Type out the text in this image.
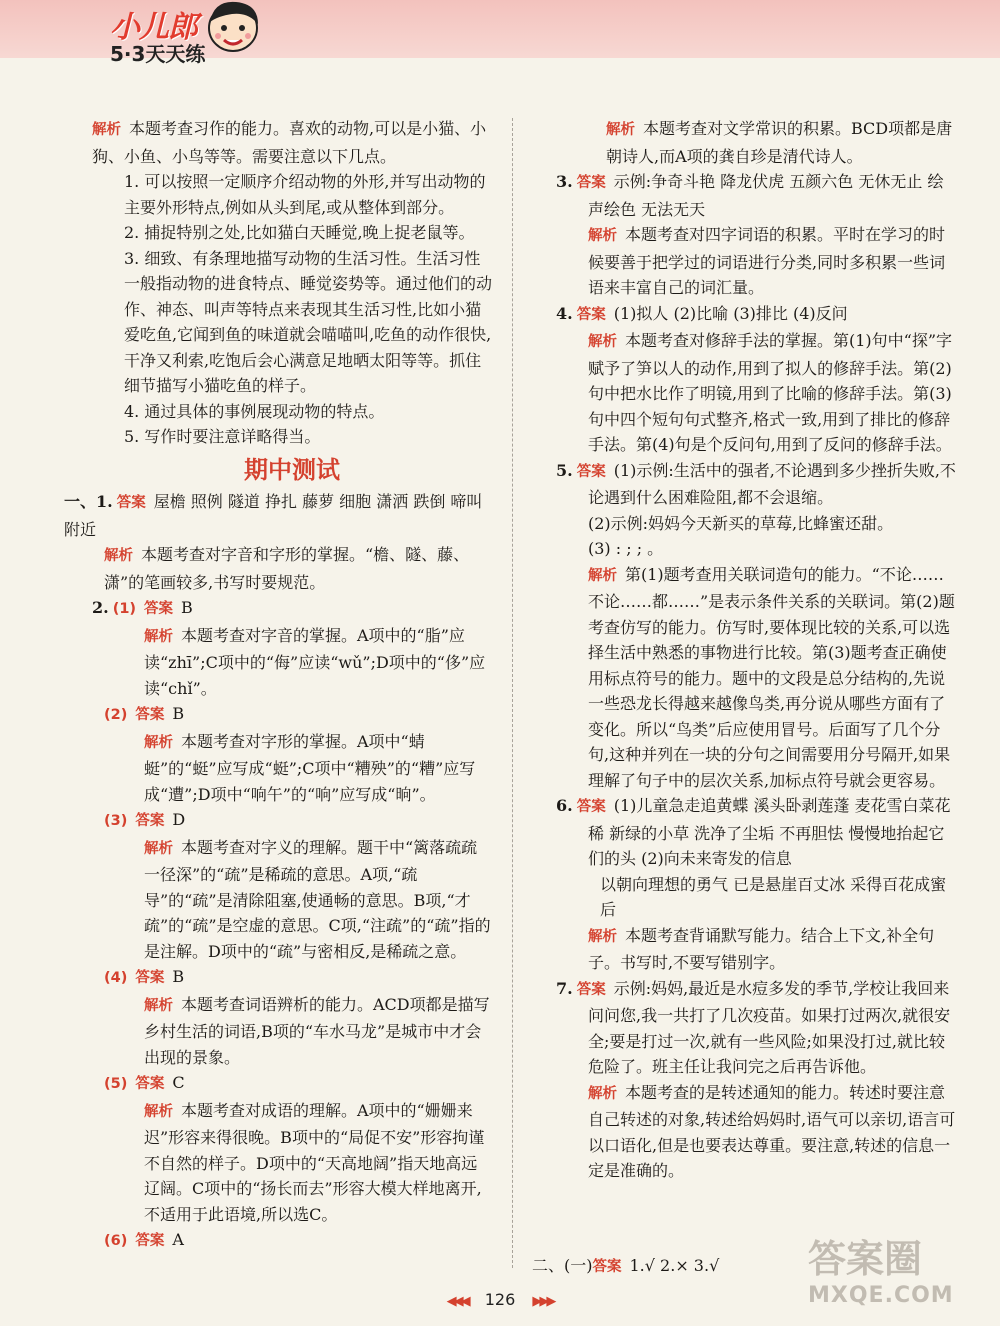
小儿郎
5·3天天练

解析 本题考查习作的能力。喜欢的动物,可以是小猫、小狗、小鱼、小鸟等等。需要注意以下几点。

1. 可以按照一定顺序介绍动物的外形,并写出动物的主要外形特点,例如从头到尾,或从整体到部分。

2. 捕捉特别之处,比如猫白天睡觉,晚上捉老鼠等。

3. 细致、有条理地描写动物的生活习性。生活习性一般指动物的进食特点、睡觉姿势等。通过他们的动作、神态、叫声等特点来表现其生活习性,比如小猫爱吃鱼,它闻到鱼的味道就会喵喵叫,吃鱼的动作很快,干净又利索,吃饱后会心满意足地晒太阳等等。抓住细节描写小猫吃鱼的样子。

4. 通过具体的事例展现动物的特点。

5. 写作时要注意详略得当。

期中测试

一、1. 答案 屋檐 照例 隧道 挣扎 藤萝 细胞 潇洒 跌倒 啼叫 附近

解析 本题考查对字音和字形的掌握。“檐、隧、藤、潇”的笔画较多,书写时要规范。

2. (1) 答案 B

解析 本题考查对字音的掌握。A项中的“脂”应读“zhī”;C项中的“侮”应读“wǔ”;D项中的“侈”应读“chǐ”。

(2) 答案 B

解析 本题考查对字形的掌握。A项中“蜻蜓”的“蜓”应写成“蜓”;C项中“糟殃”的“糟”应写成“遭”;D项中“响午”的“响”应写成“晌”。

(3) 答案 D

解析 本题考查对字义的理解。题干中“篱落疏疏一径深”的“疏”是稀疏的意思。A项,“疏导”的“疏”是清除阻塞,使通畅的意思。B项,“才疏”的“疏”是空虚的意思。C项,“注疏”的“疏”指的是注解。D项中的“疏”与密相反,是稀疏之意。

(4) 答案 B

解析 本题考查词语辨析的能力。ACD项都是描写乡村生活的词语,B项的“车水马龙”是城市中才会出现的景象。

(5) 答案 C

解析 本题考查对成语的理解。A项中的“姗姗来迟”形容来得很晚。B项中的“局促不安”形容拘谨不自然的样子。D项中的“天高地阔”指天地高远辽阔。C项中的“扬长而去”形容大模大样地离开,不适用于此语境,所以选C。

(6) 答案 A

解析 本题考查对文学常识的积累。BCD项都是唐朝诗人,而A项的龚自珍是清代诗人。

3. 答案 示例:争奇斗艳 降龙伏虎 五颜六色 无休无止 绘声绘色 无法无天

解析 本题考查对四字词语的积累。平时在学习的时候要善于把学过的词语进行分类,同时多积累一些词语来丰富自己的词汇量。

4. 答案 (1)拟人 (2)比喻 (3)排比 (4)反问

解析 本题考查对修辞手法的掌握。第(1)句中“探”字赋予了笋以人的动作,用到了拟人的修辞手法。第(2)句中把水比作了明镜,用到了比喻的修辞手法。第(3)句中四个短句句式整齐,格式一致,用到了排比的修辞手法。第(4)句是个反问句,用到了反问的修辞手法。

5. 答案 (1)示例:生活中的强者,不论遇到多少挫折失败,不论遇到什么困难险阻,都不会退缩。

(2)示例:妈妈今天新买的草莓,比蜂蜜还甜。

(3) : ; ; 。

解析 第(1)题考查用关联词造句的能力。“不论……不论……都……”是表示条件关系的关联词。第(2)题考查仿写的能力。仿写时,要体现比较的关系,可以选择生活中熟悉的事物进行比较。第(3)题考查正确使用标点符号的能力。题中的文段是总分结构的,先说一些恐龙长得越来越像鸟类,再分说从哪些方面有了变化。所以“鸟类”后应使用冒号。后面写了几个分句,这种并列在一块的分句之间需要用分号隔开,如果理解了句子中的层次关系,加标点符号就会更容易。

6. 答案 (1)儿童急走追黄蝶 溪头卧剥莲蓬 麦花雪白菜花稀 新绿的小草 洗净了尘垢 不再胆怯 慢慢地抬起它们的头 (2)向未来寄发的信息

以朝向理想的勇气 已是悬崖百丈冰 采得百花成蜜后

解析 本题考查背诵默写能力。结合上下文,补全句子。书写时,不要写错别字。

7. 答案 示例:妈妈,最近是水痘多发的季节,学校让我回来问问您,我一共打了几次疫苗。如果打过两次,就很安全;要是打过一次,就有一些风险;如果没打过,就比较危险了。班主任让我问完之后再告诉他。

解析 本题考查的是转述通知的能力。转述时要注意自己转述的对象,转述给妈妈时,语气可以亲切,语言可以口语化,但是也要表达尊重。要注意,转述的信息一定是准确的。

二、(一)答案 1.√ 2.× 3.√
◀◀◀ 126 ▶▶▶
答案圈
MXQE.COM
